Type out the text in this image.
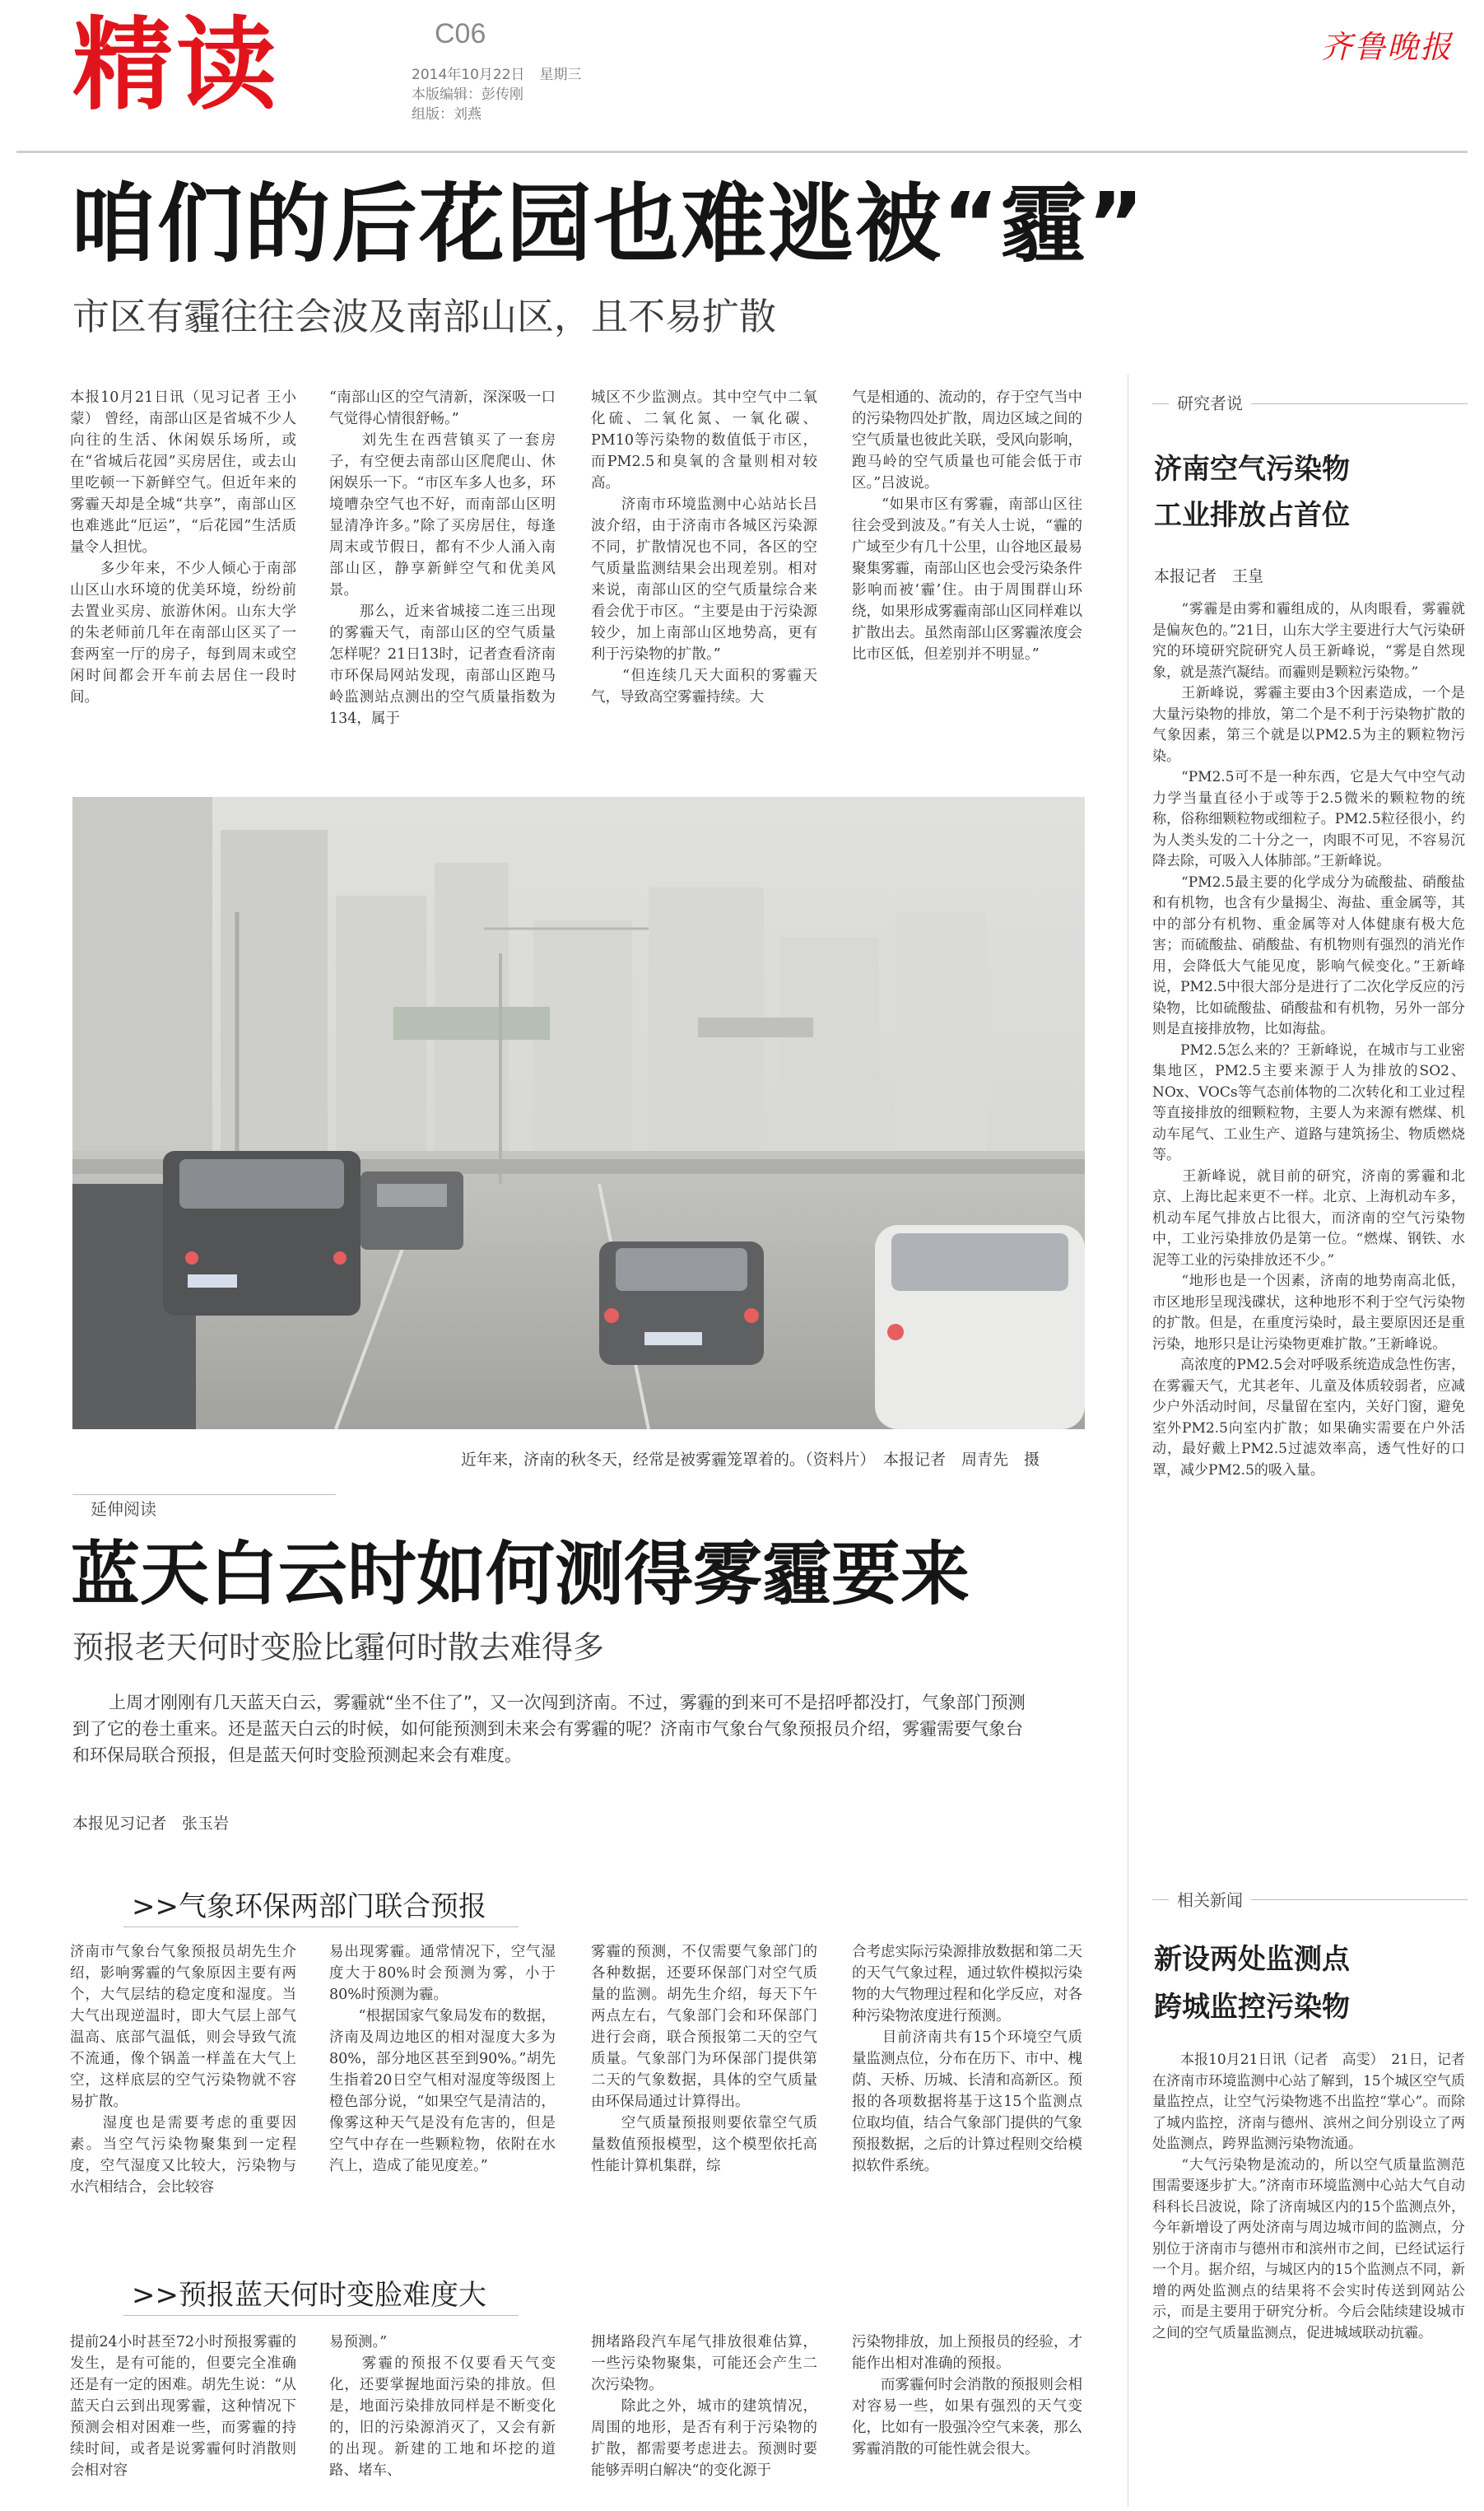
精读	C06
2014年10月22日 星期三
本版编辑：彭传刚
组版：刘燕
齐鲁晚报
咱们的后花园也难逃被“霾”
市区有霾往往会波及南部山区，且不易扩散
本报10月21日讯（见习记者 王小蒙） 曾经，南部山区是省城不少人向往的生活、休闲娱乐场所，或在“省城后花园”买房居住，或去山里吃顿一下新鲜空气。但近年来的雾霾天却是全城“共享”，南部山区也难逃此“厄运”，“后花园”生活质量令人担忧。
　　多少年来，不少人倾心于南部山区山水环境的优美环境，纷纷前去置业买房、旅游休闲。山东大学的朱老师前几年在南部山区买了一套两室一厅的房子，每到周末或空闲时间都会开车前去居住一段时间。
“南部山区的空气清新，深深吸一口气觉得心情很舒畅。”
　　刘先生在西营镇买了一套房子，有空便去南部山区爬爬山、休闲娱乐一下。“市区车多人也多，环境嘈杂空气也不好，而南部山区明显清净许多。”除了买房居住，每逢周末或节假日，都有不少人涌入南部山区，静享新鲜空气和优美风景。
　　那么，近来省城接二连三出现的雾霾天气，南部山区的空气质量怎样呢？21日13时，记者查看济南市环保局网站发现，南部山区跑马岭监测站点测出的空气质量指数为134，属于
城区不少监测点。其中空气中二氧化硫、二氧化氮、一氧化碳、PM10等污染物的数值低于市区，而PM2.5和臭氧的含量则相对较高。
　　济南市环境监测中心站站长吕波介绍，由于济南市各城区污染源不同，扩散情况也不同，各区的空气质量监测结果会出现差别。相对来说，南部山区的空气质量综合来看会优于市区。“主要是由于污染源较少，加上南部山区地势高，更有利于污染物的扩散。”
　　“但连续几天大面积的雾霾天气，导致高空雾霾持续。大
气是相通的、流动的，存于空气当中的污染物四处扩散，周边区域之间的空气质量也彼此关联，受风向影响，跑马岭的空气质量也可能会低于市区。”吕波说。
　　“如果市区有雾霾，南部山区往往会受到波及。”有关人士说，“霾的广域至少有几十公里，山谷地区最易聚集雾霾，南部山区也会受污染条件影响而被‘霾’住。由于周围群山环绕，如果形成雾霾南部山区同样难以扩散出去。虽然南部山区雾霾浓度会比市区低，但差别并不明显。”
近年来，济南的秋冬天，经常是被雾霾笼罩着的。（资料片）　本报记者　周青先　摄
延伸阅读
蓝天白云时如何测得雾霾要来
预报老天何时变脸比霾何时散去难得多
上周才刚刚有几天蓝天白云，雾霾就“坐不住了”，又一次闯到济南。不过，雾霾的到来可不是招呼都没打，气象部门预测到了它的卷土重来。还是蓝天白云的时候，如何能预测到未来会有雾霾的呢？济南市气象台气象预报员介绍，雾霾需要气象台和环保局联合预报，但是蓝天何时变脸预测起来会有难度。
本报见习记者　张玉岩
>>气象环保两部门联合预报
济南市气象台气象预报员胡先生介绍，影响雾霾的气象原因主要有两个，大气层结的稳定度和湿度。当大气出现逆温时，即大气层上部气温高、底部气温低，则会导致气流不流通，像个锅盖一样盖在大气上空，这样底层的空气污染物就不容易扩散。
　　湿度也是需要考虑的重要因素。当空气污染物聚集到一定程度，空气湿度又比较大，污染物与水汽相结合，会比较容
易出现雾霾。通常情况下，空气湿度大于80%时会预测为雾，小于80%时预测为霾。
　　“根据国家气象局发布的数据，济南及周边地区的相对湿度大多为80%，部分地区甚至到90%。”胡先生指着20日空气相对湿度等级图上橙色部分说，“如果空气是清洁的，像雾这种天气是没有危害的，但是空气中存在一些颗粒物，依附在水汽上，造成了能见度差。”
雾霾的预测，不仅需要气象部门的各种数据，还要环保部门对空气质量的监测。胡先生介绍，每天下午两点左右，气象部门会和环保部门进行会商，联合预报第二天的空气质量。气象部门为环保部门提供第二天的气象数据，具体的空气质量由环保局通过计算得出。
　　空气质量预报则要依靠空气质量数值预报模型，这个模型依托高性能计算机集群，综
合考虑实际污染源排放数据和第二天的天气气象过程，通过软件模拟污染物的大气物理过程和化学反应，对各种污染物浓度进行预测。
　　目前济南共有15个环境空气质量监测点位，分布在历下、市中、槐荫、天桥、历城、长清和高新区。预报的各项数据将基于这15个监测点位取均值，结合气象部门提供的气象预报数据，之后的计算过程则交给模拟软件系统。
>>预报蓝天何时变脸难度大
提前24小时甚至72小时预报雾霾的发生，是有可能的，但要完全准确还是有一定的困难。胡先生说：“从蓝天白云到出现雾霾，这种情况下预测会相对困难一些，而雾霾的持续时间，或者是说雾霾何时消散则会相对容
易预测。”
　　雾霾的预报不仅要看天气变化，还要掌握地面污染的排放。但是，地面污染排放同样是不断变化的，旧的污染源消灭了，又会有新的出现。新建的工地和坏挖的道路、堵车、
拥堵路段汽车尾气排放很难估算，一些污染物聚集，可能还会产生二次污染物。
　　除此之外，城市的建筑情况，周围的地形，是否有利于污染物的扩散，都需要考虑进去。预测时要能够弄明白解决“的变化源于
污染物排放，加上预报员的经验，才能作出相对准确的预报。
　　而雾霾何时会消散的预报则会相对容易一些，如果有强烈的天气变化，比如有一股强冷空气来袭，那么雾霾消散的可能性就会很大。
研究者说
济南空气污染物
工业排放占首位
本报记者　王皇
　　“雾霾是由雾和霾组成的，从肉眼看，雾霾就是偏灰色的。”21日，山东大学主要进行大气污染研究的环境研究院研究人员王新峰说，“雾是自然现象，就是蒸汽凝结。而霾则是颗粒污染物。”
　　王新峰说，雾霾主要由3个因素造成，一个是大量污染物的排放，第二个是不利于污染物扩散的气象因素，第三个就是以PM2.5为主的颗粒物污染。
　　“PM2.5可不是一种东西，它是大气中空气动力学当量直径小于或等于2.5微米的颗粒物的统称，俗称细颗粒物或细粒子。PM2.5粒径很小，约为人类头发的二十分之一，肉眼不可见，不容易沉降去除，可吸入人体肺部。”王新峰说。
　　“PM2.5最主要的化学成分为硫酸盐、硝酸盐和有机物，也含有少量揭尘、海盐、重金属等，其中的部分有机物、重金属等对人体健康有极大危害；而硫酸盐、硝酸盐、有机物则有强烈的消光作用，会降低大气能见度，影响气候变化。”王新峰说，PM2.5中很大部分是进行了二次化学反应的污染物，比如硫酸盐、硝酸盐和有机物，另外一部分则是直接排放物，比如海盐。
　　PM2.5怎么来的？王新峰说，在城市与工业密集地区，PM2.5主要来源于人为排放的SO2、NOx、VOCs等气态前体物的二次转化和工业过程等直接排放的细颗粒物，主要人为来源有燃煤、机动车尾气、工业生产、道路与建筑扬尘、物质燃烧等。
　　王新峰说，就目前的研究，济南的雾霾和北京、上海比起来更不一样。北京、上海机动车多，机动车尾气排放占比很大，而济南的空气污染物中，工业污染排放仍是第一位。“燃煤、钢铁、水泥等工业的污染排放还不少。”
　　“地形也是一个因素，济南的地势南高北低，市区地形呈现浅碟状，这种地形不利于空气污染物的扩散。但是，在重度污染时，最主要原因还是重污染，地形只是让污染物更难扩散。”王新峰说。
　　高浓度的PM2.5会对呼吸系统造成急性伤害，在雾霾天气，尤其老年、儿童及体质较弱者，应减少户外活动时间，尽量留在室内，关好门窗，避免室外PM2.5向室内扩散；如果确实需要在户外活动，最好戴上PM2.5过滤效率高，透气性好的口罩，减少PM2.5的吸入量。
相关新闻
新设两处监测点
跨城监控污染物
　　本报10月21日讯（记者　高雯）　21日，记者在济南市环境监测中心站了解到，15个城区空气质量监控点，让空气污染物逃不出监控“掌心”。而除了城内监控，济南与德州、滨州之间分别设立了两处监测点，跨界监测污染物流通。
　　“大气污染物是流动的，所以空气质量监测范围需要逐步扩大。”济南市环境监测中心站大气自动科科长吕波说，除了济南城区内的15个监测点外，今年新增设了两处济南与周边城市间的监测点，分别位于济南市与德州市和滨州市之间，已经试运行一个月。据介绍，与城区内的15个监测点不同，新增的两处监测点的结果将不会实时传送到网站公示，而是主要用于研究分析。今后会陆续建设城市之间的空气质量监测点，促进城域联动抗霾。
